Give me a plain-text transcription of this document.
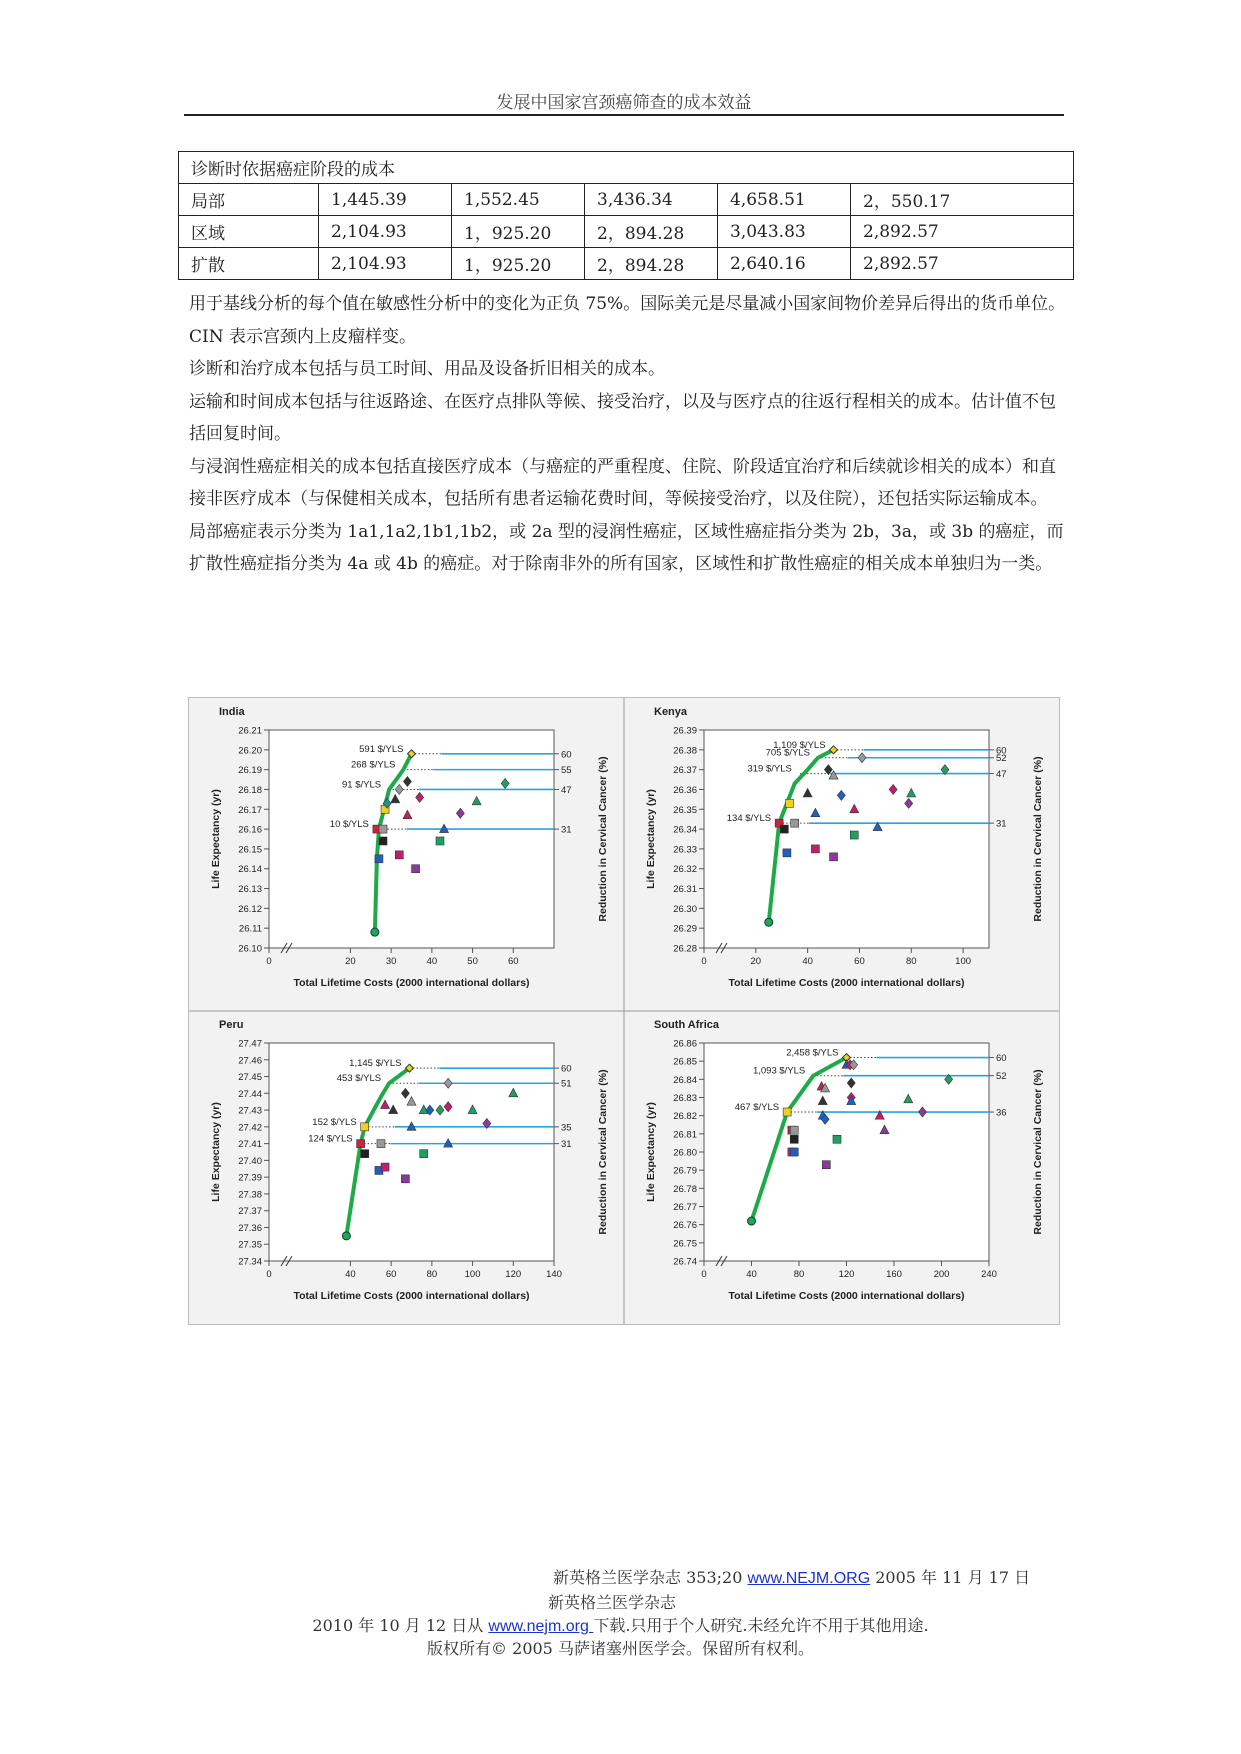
发展中国家宫颈癌筛查的成本效益
诊断时依据癌症阶段的成本					
局部	1,445.39	1,552.45	3,436.34	4,658.51	2，550.17
区域	2,104.93	1，925.20	2，894.28	3,043.83	2,892.57
扩散	2,104.93	1，925.20	2，894.28	2,640.16	2,892.57

用于基线分析的每个值在敏感性分析中的变化为正负 75%。国际美元是尽量减小国家间物价差异后得出的货币单位。CIN 表示宫颈内上皮瘤样变。

诊断和治疗成本包括与员工时间、用品及设备折旧相关的成本。

运输和时间成本包括与往返路途、在医疗点排队等候、接受治疗，以及与医疗点的往返行程相关的成本。估计值不包括回复时间。

与浸润性癌症相关的成本包括直接医疗成本（与癌症的严重程度、住院、阶段适宜治疗和后续就诊相关的成本）和直接非医疗成本（与保健相关成本，包括所有患者运输花费时间，等候接受治疗，以及住院），还包括实际运输成本。

局部癌症表示分类为 1a1,1a2,1b1,1b2，或 2a 型的浸润性癌症，区域性癌症指分类为 2b，3a，或 3b 的癌症，而扩散性癌症指分类为 4a 或 4b 的癌症。对于除南非外的所有国家，区域性和扩散性癌症的相关成本单独归为一类。

India
26.10
26.11
26.12
26.13
26.14
26.15
26.16
26.17
26.18
26.19
26.20
26.21
0	20	30	40	50	60
Total Lifetime Costs (2000 international dollars)
Life Expectancy (yr)	Reduction in Cervical Cancer (%)
60
591 $/YLS
55
268 $/YLS
47
91 $/YLS
31
10 $/YLS
Kenya
26.28
26.29
26.30
26.31
26.32
26.33
26.34
26.35
26.36
26.37
26.38
26.39
0	20	40	60	80	100
Total Lifetime Costs (2000 international dollars)
Life Expectancy (yr)	Reduction in Cervical Cancer (%)
60
1,109 $/YLS
52
705 $/YLS
47
319 $/YLS
31
134 $/YLS
Peru
27.34
27.35
27.36
27.37
27.38
27.39
27.40
27.41
27.42
27.43
27.44
27.45
27.46
27.47
0	40	60	80	100	120	140
Total Lifetime Costs (2000 international dollars)
Life Expectancy (yr)	Reduction in Cervical Cancer (%)
60
1,145 $/YLS
51
453 $/YLS
35
152 $/YLS
31
124 $/YLS
South Africa
26.74
26.75
26.76
26.77
26.78
26.79
26.80
26.81
26.82
26.83
26.84
26.85
26.86
0	40	80	120	160	200	240
Total Lifetime Costs (2000 international dollars)
Life Expectancy (yr)	Reduction in Cervical Cancer (%)
60
2,458 $/YLS
52
1,093 $/YLS
36
467 $/YLS
新英格兰医学杂志 353;20 www.NEJM.ORG 2005 年 11 月 17 日
新英格兰医学杂志
2010 年 10 月 12 日从 www.nejm.org 下载.只用于个人研究.未经允许不用于其他用途.
版权所有© 2005 马萨诸塞州医学会。保留所有权利。
